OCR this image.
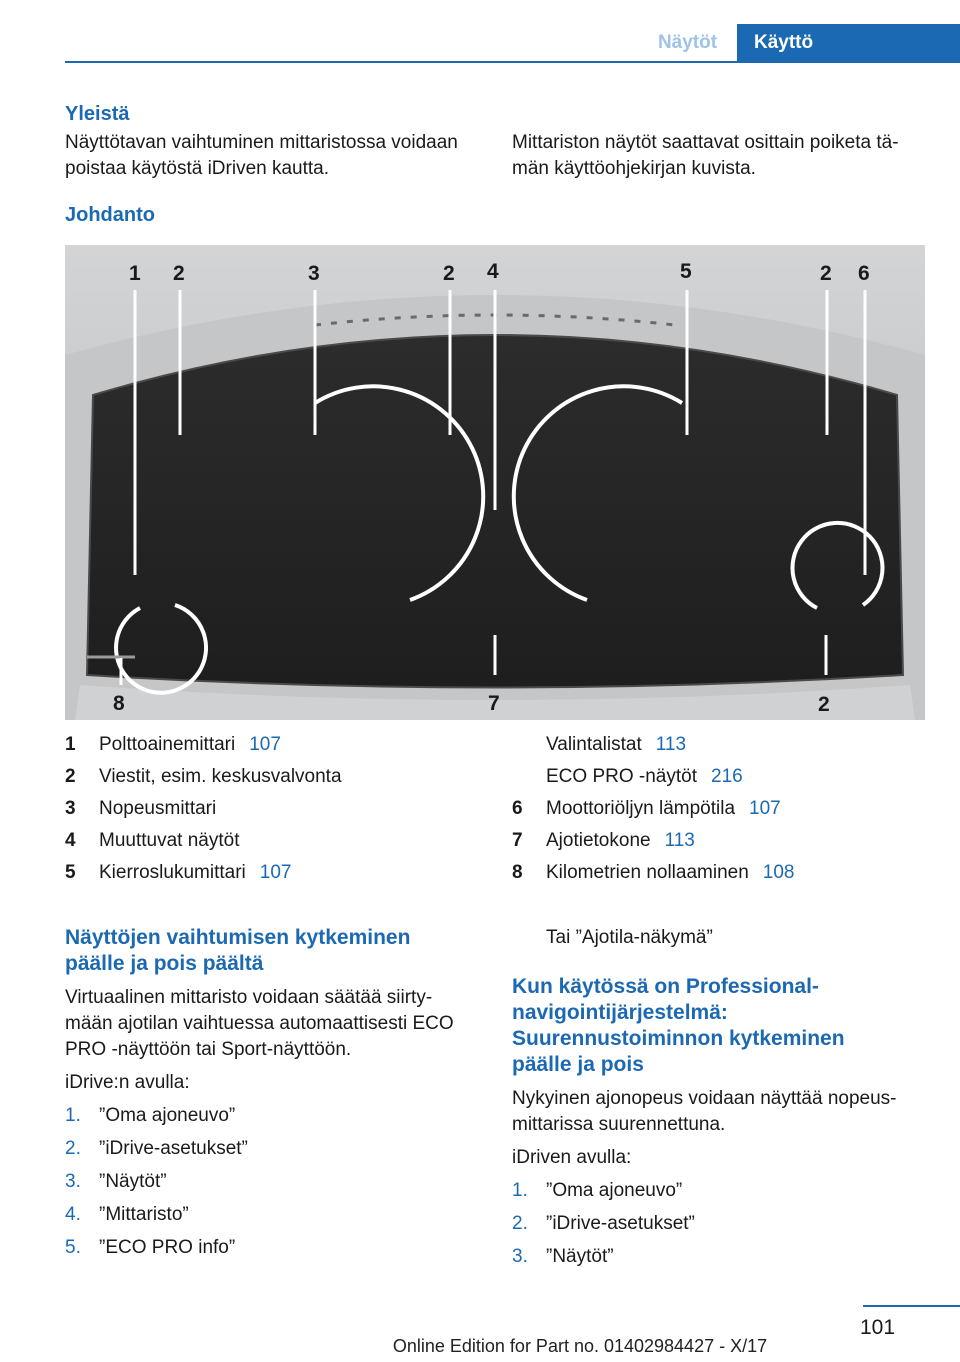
Näytöt	Käyttö
Yleistä
Näyttötavan vaihtuminen mittaristossa voidaan
poistaa käytöstä iDriven kautta.
Mittariston näytöt saattavat osittain poiketa tä‐
män käyttöohjekirjan kuvista.
Johdanto
1 2	3	2 4	5	2 6
8	7	2
1 Polttoainemittari 107
2 Viestit, esim. keskusvalvonta
3 Nopeusmittari
4 Muuttuvat näytöt
5 Kierroslukumittari 107
Valintalistat 113
ECO PRO -näytöt 216
6 Moottoriöljyn lämpötila 107
7 Ajotietokone 113
8 Kilometrien nollaaminen 108
Näyttöjen vaihtumisen kytkeminen
päälle ja pois päältä
Virtuaalinen mittaristo voidaan säätää siirty‐
mään ajotilan vaihtuessa automaattisesti ECO
PRO -näyttöön tai Sport-näyttöön.
iDrive:n avulla:
1. ”Oma ajoneuvo”
2. ”iDrive-asetukset”
3. ”Näytöt”
4. ”Mittaristo”
5. ”ECO PRO info”
Tai ”Ajotila-näkymä”
Kun käytössä on Professional-
navigointijärjestelmä:
Suurennustoiminnon kytkeminen
päälle ja pois
Nykyinen ajonopeus voidaan näyttää nopeus‐
mittarissa suurennettuna.
iDriven avulla:
1. ”Oma ajoneuvo”
2. ”iDrive-asetukset”
3. ”Näytöt”
101
Online Edition for Part no. 01402984427 - X/17
